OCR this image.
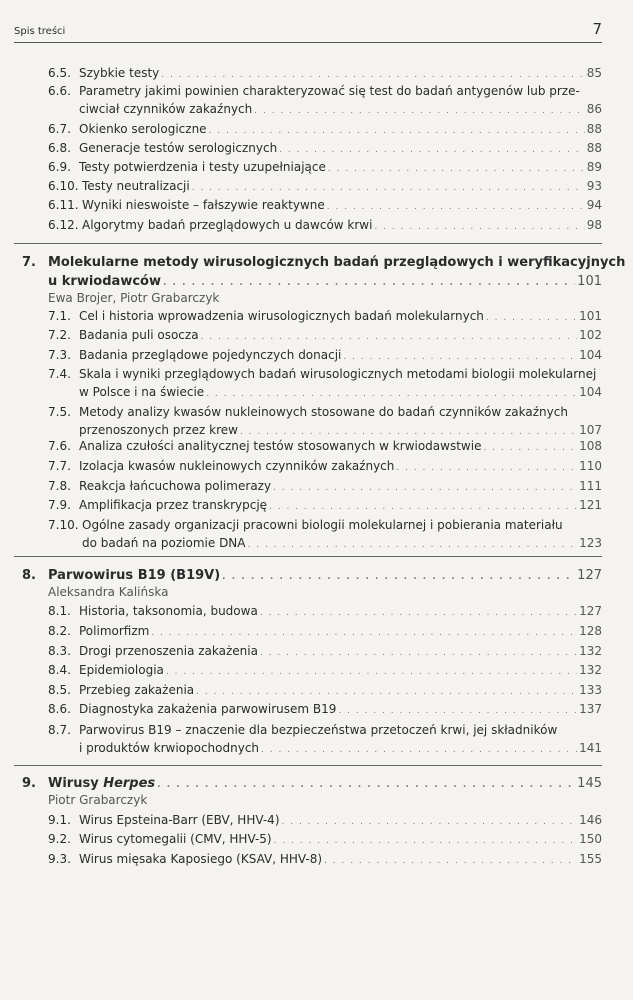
Spis treści	7
6.5. Szybkie testy . . .	85
6.6. Parametry jakimi powinien charakteryzować się test do badań antygenów lub prze-
ciwciał czynników zakaźnych . . .	86
6.7. Okienko serologiczne . . .	88
6.8. Generacje testów serologicznych . . .	88
6.9. Testy potwierdzenia i testy uzupełniające . . .	89
6.10. Testy neutralizacji . . .	93
6.11. Wyniki nieswoiste – fałszywie reaktywne . . .	94
6.12. Algorytmy badań przeglądowych u dawców krwi . . .	98
7. Molekularne metody wirusologicznych badań przeglądowych i weryfikacyjnych
u krwiodawców . . .	101
Ewa Brojer, Piotr Grabarczyk
7.1. Cel i historia wprowadzenia wirusologicznych badań molekularnych . . .	101
7.2. Badania puli osocza . . .	102
7.3. Badania przeglądowe pojedynczych donacji . . .	104
7.4. Skala i wyniki przeglądowych badań wirusologicznych metodami biologii molekularnej
w Polsce i na świecie . . .	104
7.5. Metody analizy kwasów nukleinowych stosowane do badań czynników zakaźnych
przenoszonych przez krew . . .	107
7.6. Analiza czułości analitycznej testów stosowanych w krwiodawstwie . . .	108
7.7. Izolacja kwasów nukleinowych czynników zakaźnych . . .	110
7.8. Reakcja łańcuchowa polimerazy . . .	111
7.9. Amplifikacja przez transkrypcję . . .	121
7.10. Ogólne zasady organizacji pracowni biologii molekularnej i pobierania materiału
do badań na poziomie DNA . . .	123
8. Parwowirus B19 (B19V) . . .	127
Aleksandra Kalińska
8.1. Historia, taksonomia, budowa . . .	127
8.2. Polimorfizm . . .	128
8.3. Drogi przenoszenia zakażenia . . .	132
8.4. Epidemiologia . . .	132
8.5. Przebieg zakażenia . . .	133
8.6. Diagnostyka zakażenia parwowirusem B19 . . .	137
8.7. Parwovirus B19 – znaczenie dla bezpieczeństwa przetoczeń krwi, jej składników
i produktów krwiopochodnych . . .	141
9. Wirusy Herpes . . .	145
Piotr Grabarczyk
9.1. Wirus Epsteina-Barr (EBV, HHV-4) . . .	146
9.2. Wirus cytomegalii (CMV, HHV-5) . . .	150
9.3. Wirus mięsaka Kaposiego (KSAV, HHV-8) . . .	155
